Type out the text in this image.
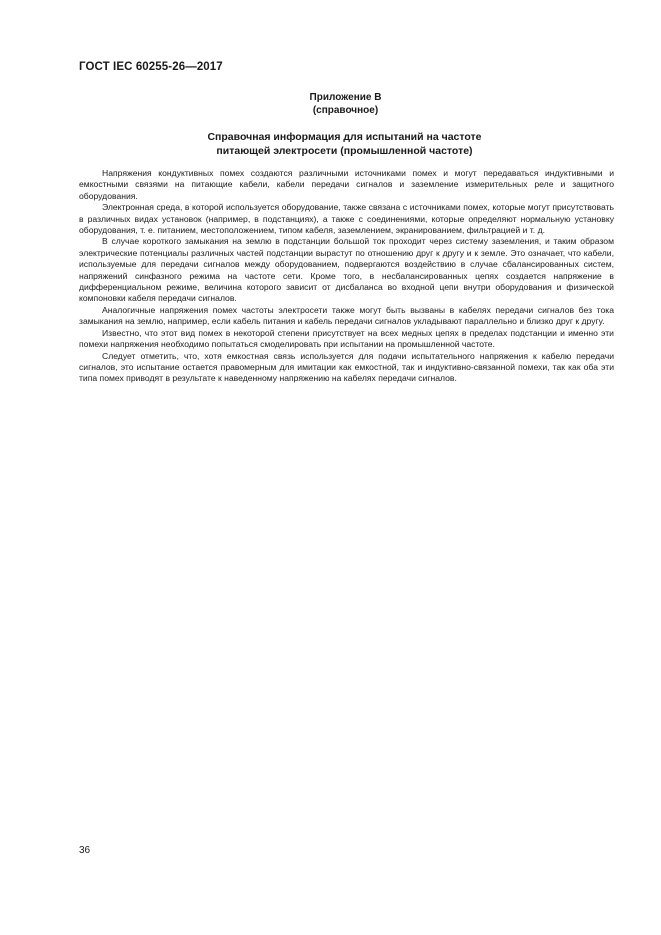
ГОСТ IEC 60255-26—2017
Приложение В
(справочное)
Справочная информация для испытаний на частоте
питающей электросети (промышленной частоте)

Напряжения кондуктивных помех создаются различными источниками помех и могут передаваться индуктивными и емкостными связями на питающие кабели, кабели передачи сигналов и заземление измерительных реле и защитного оборудования.

Электронная среда, в которой используется оборудование, также связана с источниками помех, которые могут присутствовать в различных видах установок (например, в подстанциях), а также с соединениями, которые определяют нормальную установку оборудования, т. е. питанием, местоположением, типом кабеля, заземлением, экранированием, фильтрацией и т. д.

В случае короткого замыкания на землю в подстанции большой ток проходит через систему заземления, и таким образом электрические потенциалы различных частей подстанции вырастут по отношению друг к другу и к земле. Это означает, что кабели, используемые для передачи сигналов между оборудованием, подвергаются воздействию в случае сбалансированных систем, напряжений синфазного режима на частоте сети. Кроме того, в несбалансированных цепях создается напряжение в дифференциальном режиме, величина которого зависит от дисбаланса во входной цепи внутри оборудования и физической компоновки кабеля передачи сигналов.

Аналогичные напряжения помех частоты электросети также могут быть вызваны в кабелях передачи сигналов без тока замыкания на землю, например, если кабель питания и кабель передачи сигналов укладывают параллельно и близко друг к другу.

Известно, что этот вид помех в некоторой степени присутствует на всех медных цепях в пределах подстанции и именно эти помехи напряжения необходимо попытаться смоделировать при испытании на промышленной частоте.

Следует отметить, что, хотя емкостная связь используется для подачи испытательного напряжения к кабелю передачи сигналов, это испытание остается правомерным для имитации как емкостной, так и индуктивно-связанной помехи, так как оба эти типа помех приводят в результате к наведенному напряжению на кабелях передачи сигналов.

36
